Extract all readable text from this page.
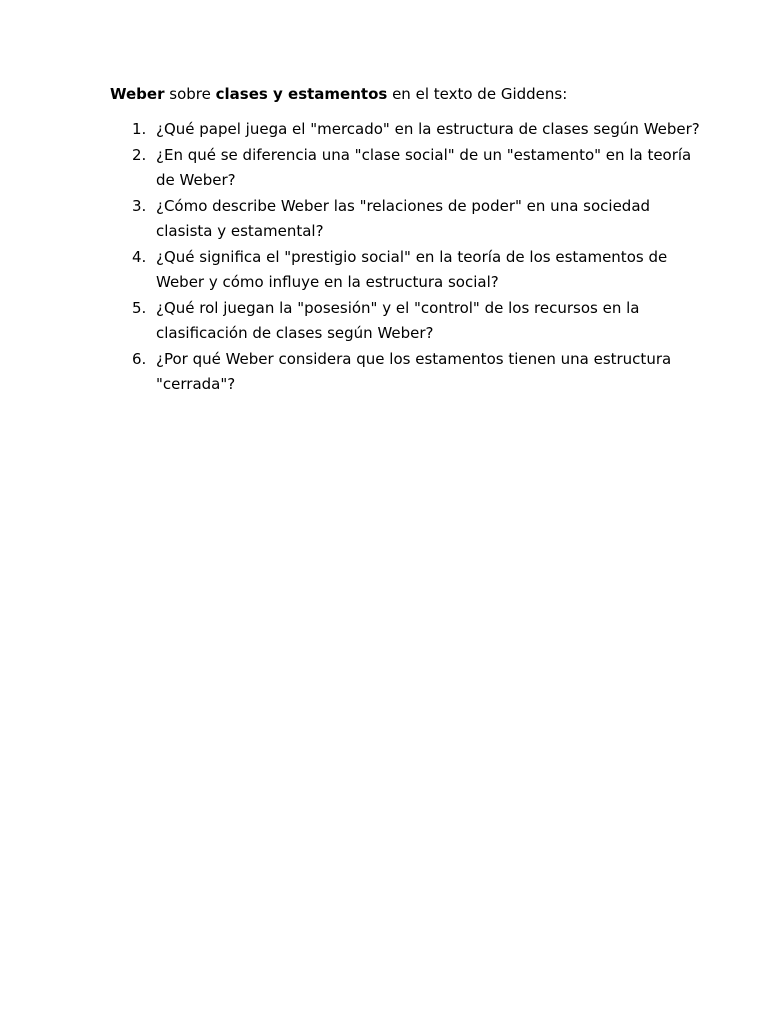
Weber sobre clases y estamentos en el texto de Giddens:

1. ¿Qué papel juega el "mercado" en la estructura de clases según Weber?
2. ¿En qué se diferencia una "clase social" de un "estamento" en la teoría de Weber?
3. ¿Cómo describe Weber las "relaciones de poder" en una sociedad clasista y estamental?
4. ¿Qué significa el "prestigio social" en la teoría de los estamentos de Weber y cómo influye en la estructura social?
5. ¿Qué rol juegan la "posesión" y el "control" de los recursos en la clasificación de clases según Weber?
6. ¿Por qué Weber considera que los estamentos tienen una estructura "cerrada"?
